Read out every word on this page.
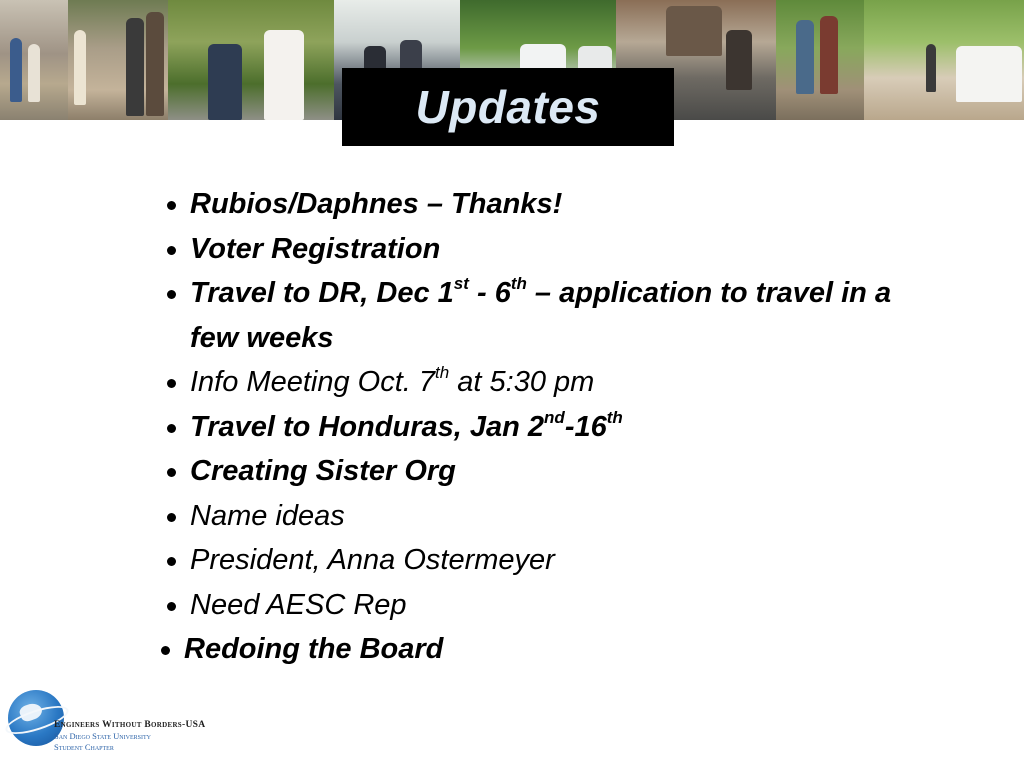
Updates
Rubios/Daphnes – Thanks!
Voter Registration
Travel to DR, Dec 1st - 6th – application to travel in a few weeks
Info Meeting Oct. 7th at 5:30 pm
Travel to Honduras, Jan 2nd-16th
Creating Sister Org
Name ideas
President, Anna Ostermeyer
Need AESC Rep
Redoing the Board
Engineers Without Borders-USA
San Diego State University
Student Chapter
